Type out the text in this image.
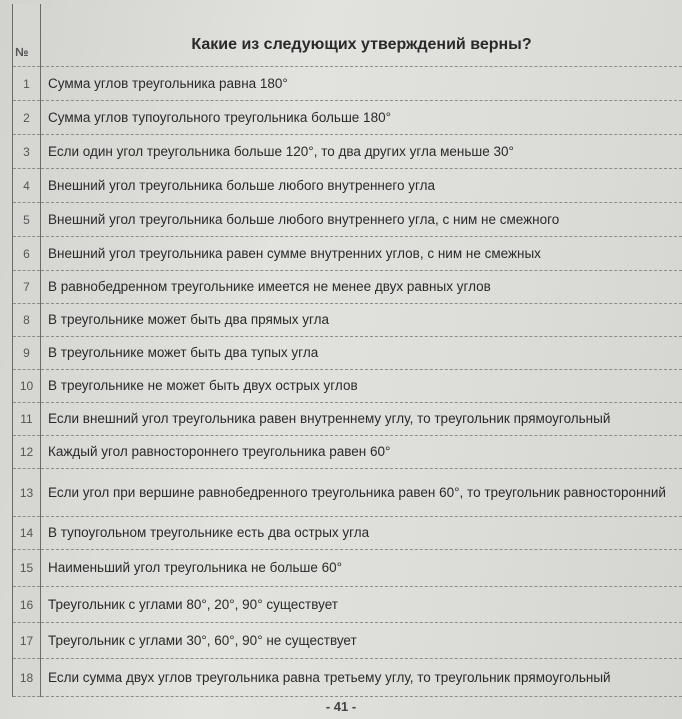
№	Какие из следующих утверждений верны?
1	Сумма углов треугольника равна 180°
2	Сумма углов тупоугольного треугольника больше 180°
3	Если один угол треугольника больше 120°, то два других угла меньше 30°
4	Внешний угол треугольника больше любого внутреннего угла
5	Внешний угол треугольника больше любого внутреннего угла, с ним не смежного
6	Внешний угол треугольника равен сумме внутренних углов, с ним не смежных
7	В равнобедренном треугольнике имеется не менее двух равных углов
8	В треугольнике может быть два прямых угла
9	В треугольнике может быть два тупых угла
10	В треугольнике не может быть двух острых углов
11	Если внешний угол треугольника равен внутреннему углу, то треугольник прямоугольный
12	Каждый угол равностороннего треугольника равен 60°
13	Если угол при вершине равнобедренного треугольника равен 60°, то треугольник равносторонний
14	В тупоугольном треугольнике есть два острых угла
15	Наименьший угол треугольника не больше 60°
16	Треугольник с углами 80°, 20°, 90° существует
17	Треугольник с углами 30°, 60°, 90° не существует
18	Если сумма двух углов треугольника равна третьему углу, то треугольник прямоугольный
- 41 -
